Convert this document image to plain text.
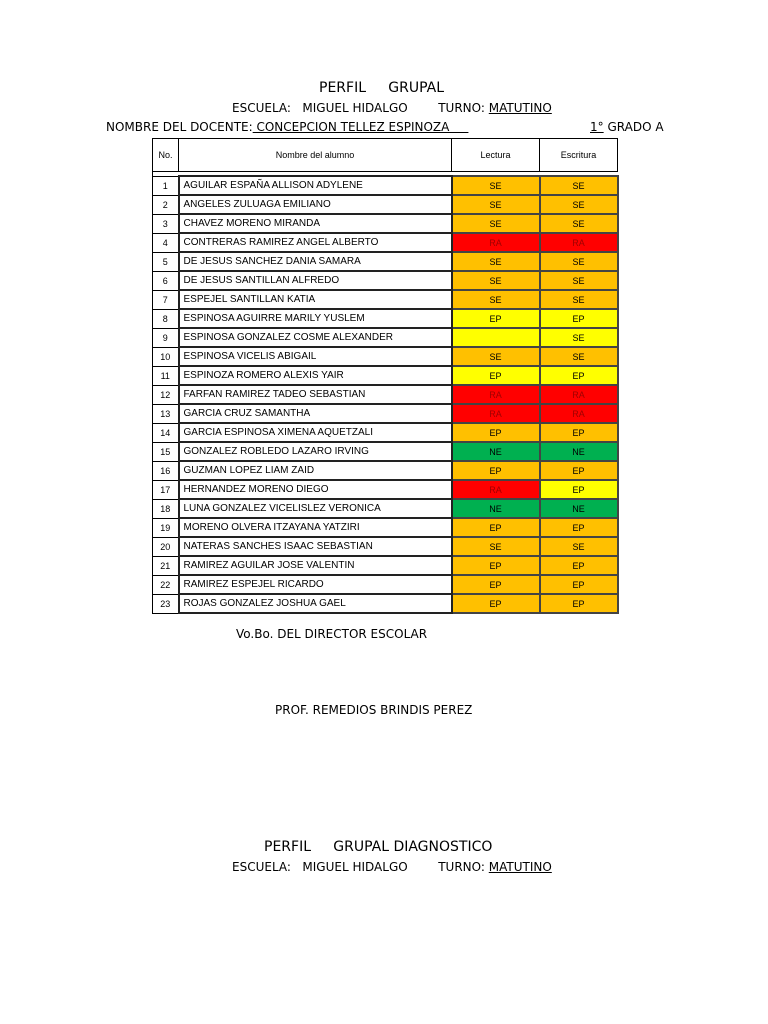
PERFIL     GRUPAL
ESCUELA: MIGUEL HIDALGO	TURNO: MATUTINO
NOMBRE DEL DOCENTE: CONCEPCION TELLEZ ESPINOZA	1° GRADO A
No.	Nombre del alumno	Lectura	Escritura

1	AGUILAR ESPAÑA ALLISON ADYLENE	SE	SE
2	ANGELES ZULUAGA EMILIANO	SE	SE
3	CHAVEZ MORENO MIRANDA	SE	SE
4	CONTRERAS RAMIREZ ANGEL ALBERTO	RA	RA
5	DE JESUS SANCHEZ DANIA SAMARA	SE	SE
6	DE JESUS SANTILLAN ALFREDO	SE	SE
7	ESPEJEL SANTILLAN KATIA	SE	SE
8	ESPINOSA AGUIRRE MARILY YUSLEM	EP	EP
9	ESPINOSA GONZALEZ COSME ALEXANDER		SE
10	ESPINOSA VICELIS ABIGAIL	SE	SE
11	ESPINOZA ROMERO ALEXIS YAIR	EP	EP
12	FARFAN RAMIREZ TADEO SEBASTIAN	RA	RA
13	GARCIA CRUZ SAMANTHA	RA	RA
14	GARCIA ESPINOSA XIMENA AQUETZALI	EP	EP
15	GONZALEZ ROBLEDO LAZARO IRVING	NE	NE
16	GUZMAN LOPEZ LIAM ZAID	EP	EP
17	HERNANDEZ MORENO DIEGO	RA	EP
18	LUNA GONZALEZ VICELISLEZ VERONICA	NE	NE
19	MORENO OLVERA ITZAYANA YATZIRI	EP	EP
20	NATERAS SANCHES ISAAC SEBASTIAN	SE	SE
21	RAMIREZ AGUILAR JOSE VALENTIN	EP	EP
22	RAMIREZ ESPEJEL RICARDO	EP	EP
23	ROJAS GONZALEZ JOSHUA GAEL	EP	EP
Vo.Bo. DEL DIRECTOR ESCOLAR
PROF. REMEDIOS BRINDIS PEREZ
PERFIL     GRUPAL DIAGNOSTICO
ESCUELA: MIGUEL HIDALGO	TURNO: MATUTINO
